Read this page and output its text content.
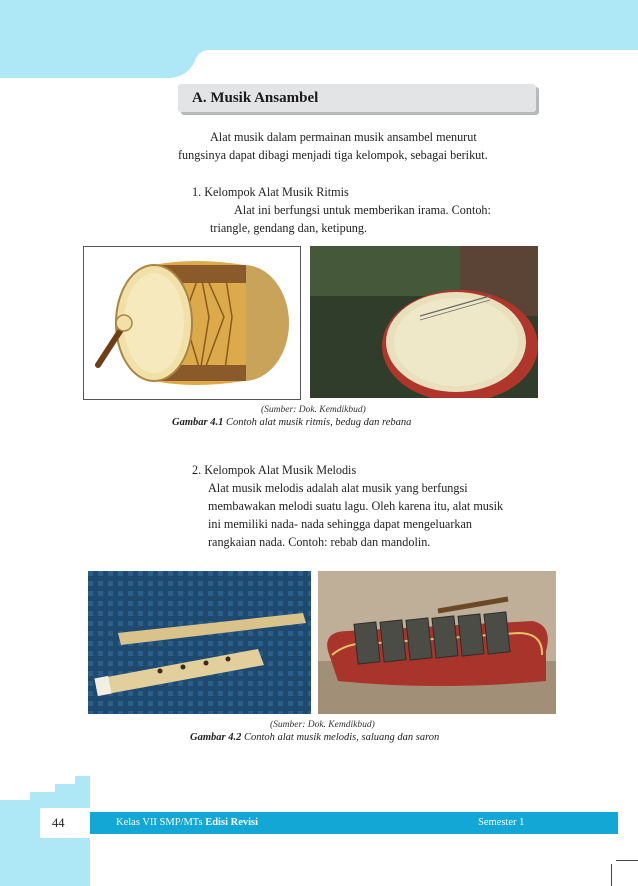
A. Musik Ansambel
Alat musik dalam permainan musik ansambel menurut
fungsinya dapat dibagi menjadi tiga kelompok, sebagai berikut.
1. Kelompok Alat Musik Ritmis
Alat ini berfungsi untuk memberikan irama. Contoh:
triangle, gendang dan, ketipung.
(Sumber: Dok. Kemdikbud)
Gambar 4.1 Contoh alat musik ritmis, bedug dan rebana
2. Kelompok Alat Musik Melodis
Alat musik melodis adalah alat musik yang berfungsi
membawakan melodi suatu lagu. Oleh karena itu, alat musik
ini memiliki nada- nada sehingga dapat mengeluarkan
rangkaian nada. Contoh: rebab dan mandolin.
(Sumber: Dok. Kemdikbud)
Gambar 4.2 Contoh alat musik melodis, saluang dan saron
44	Kelas VII SMP/MTs Edisi Revisi	Semester 1
